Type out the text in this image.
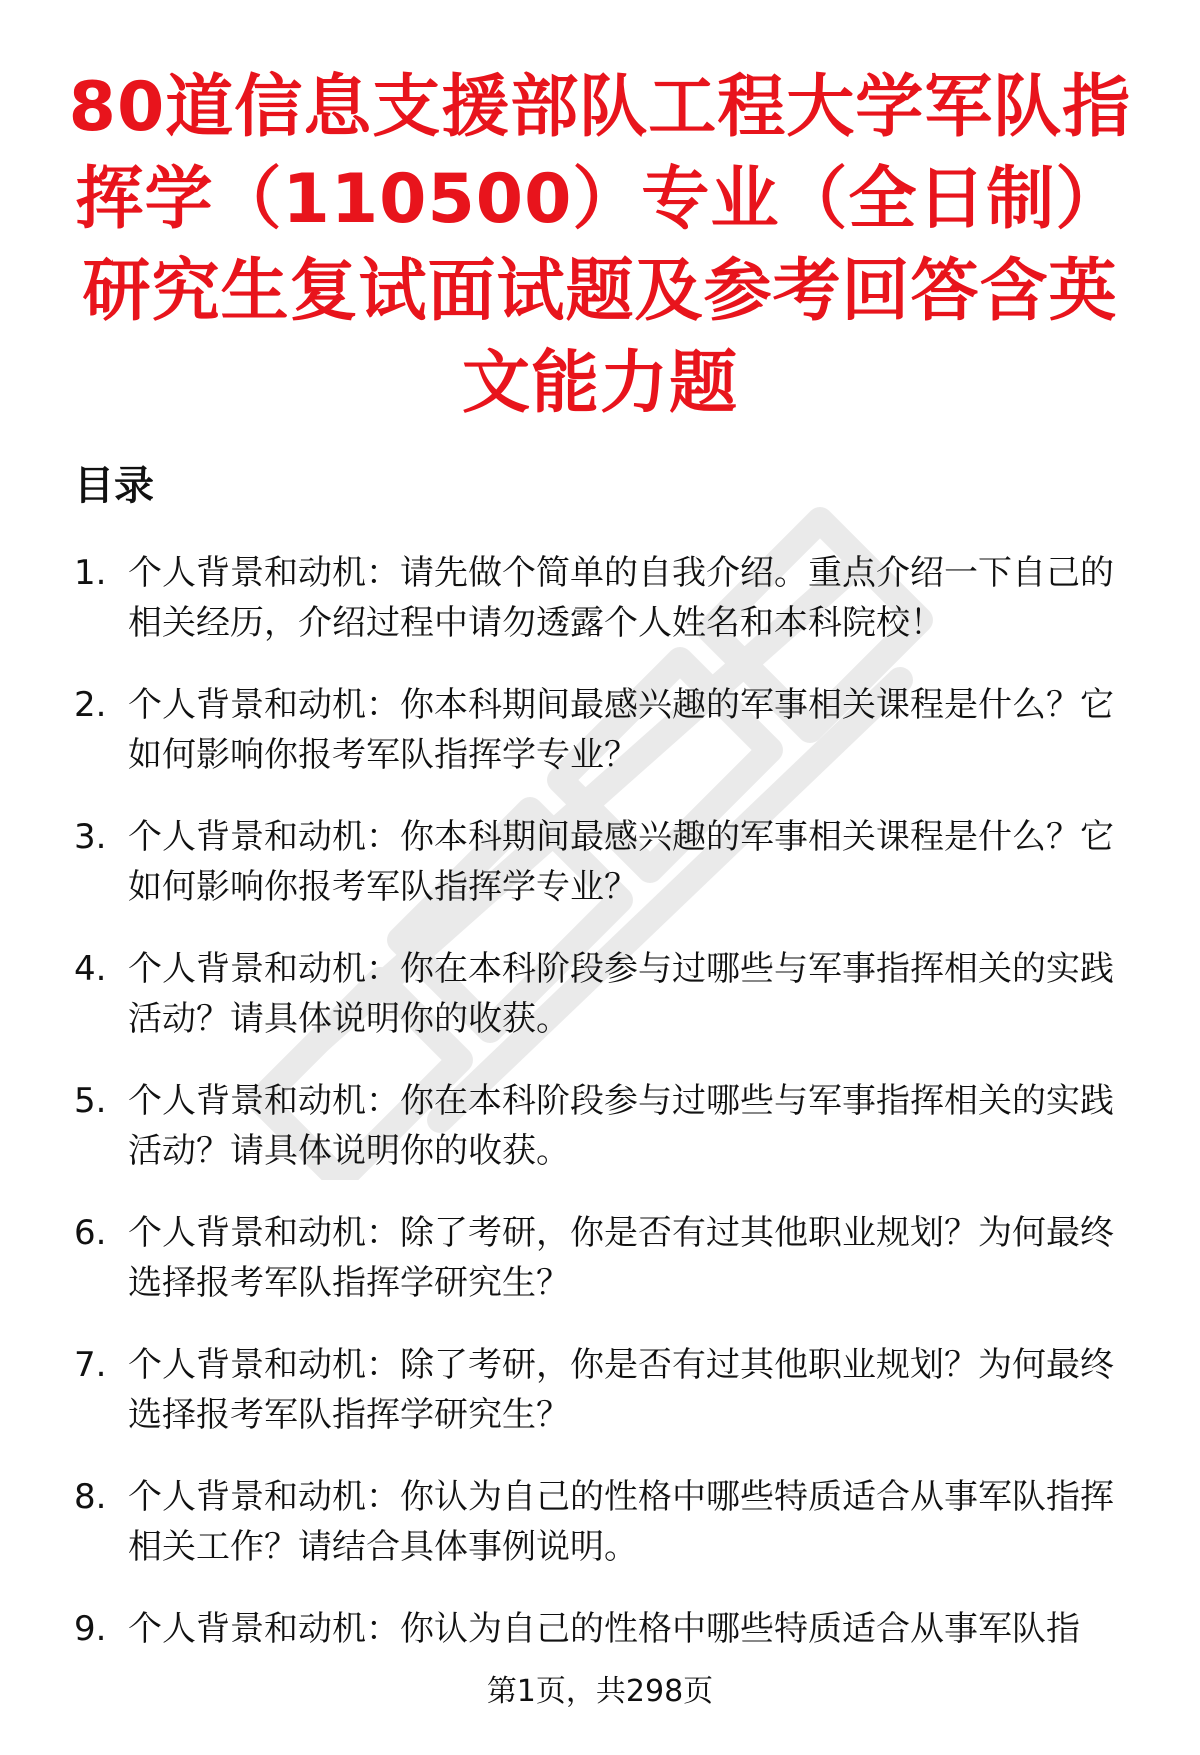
80道信息支援部队工程大学军队指挥学（110500）专业（全日制）研究生复试面试题及参考回答含英文能力题
目录
1. 个人背景和动机：请先做个简单的自我介绍。重点介绍一下自己的相关经历，介绍过程中请勿透露个人姓名和本科院校！
2. 个人背景和动机：你本科期间最感兴趣的军事相关课程是什么？它如何影响你报考军队指挥学专业？
3. 个人背景和动机：你本科期间最感兴趣的军事相关课程是什么？它如何影响你报考军队指挥学专业？
4. 个人背景和动机：你在本科阶段参与过哪些与军事指挥相关的实践活动？请具体说明你的收获。
5. 个人背景和动机：你在本科阶段参与过哪些与军事指挥相关的实践活动？请具体说明你的收获。
6. 个人背景和动机：除了考研，你是否有过其他职业规划？为何最终选择报考军队指挥学研究生？
7. 个人背景和动机：除了考研，你是否有过其他职业规划？为何最终选择报考军队指挥学研究生？
8. 个人背景和动机：你认为自己的性格中哪些特质适合从事军队指挥相关工作？请结合具体事例说明。
9. 个人背景和动机：你认为自己的性格中哪些特质适合从事军队指
第1页，共298页
